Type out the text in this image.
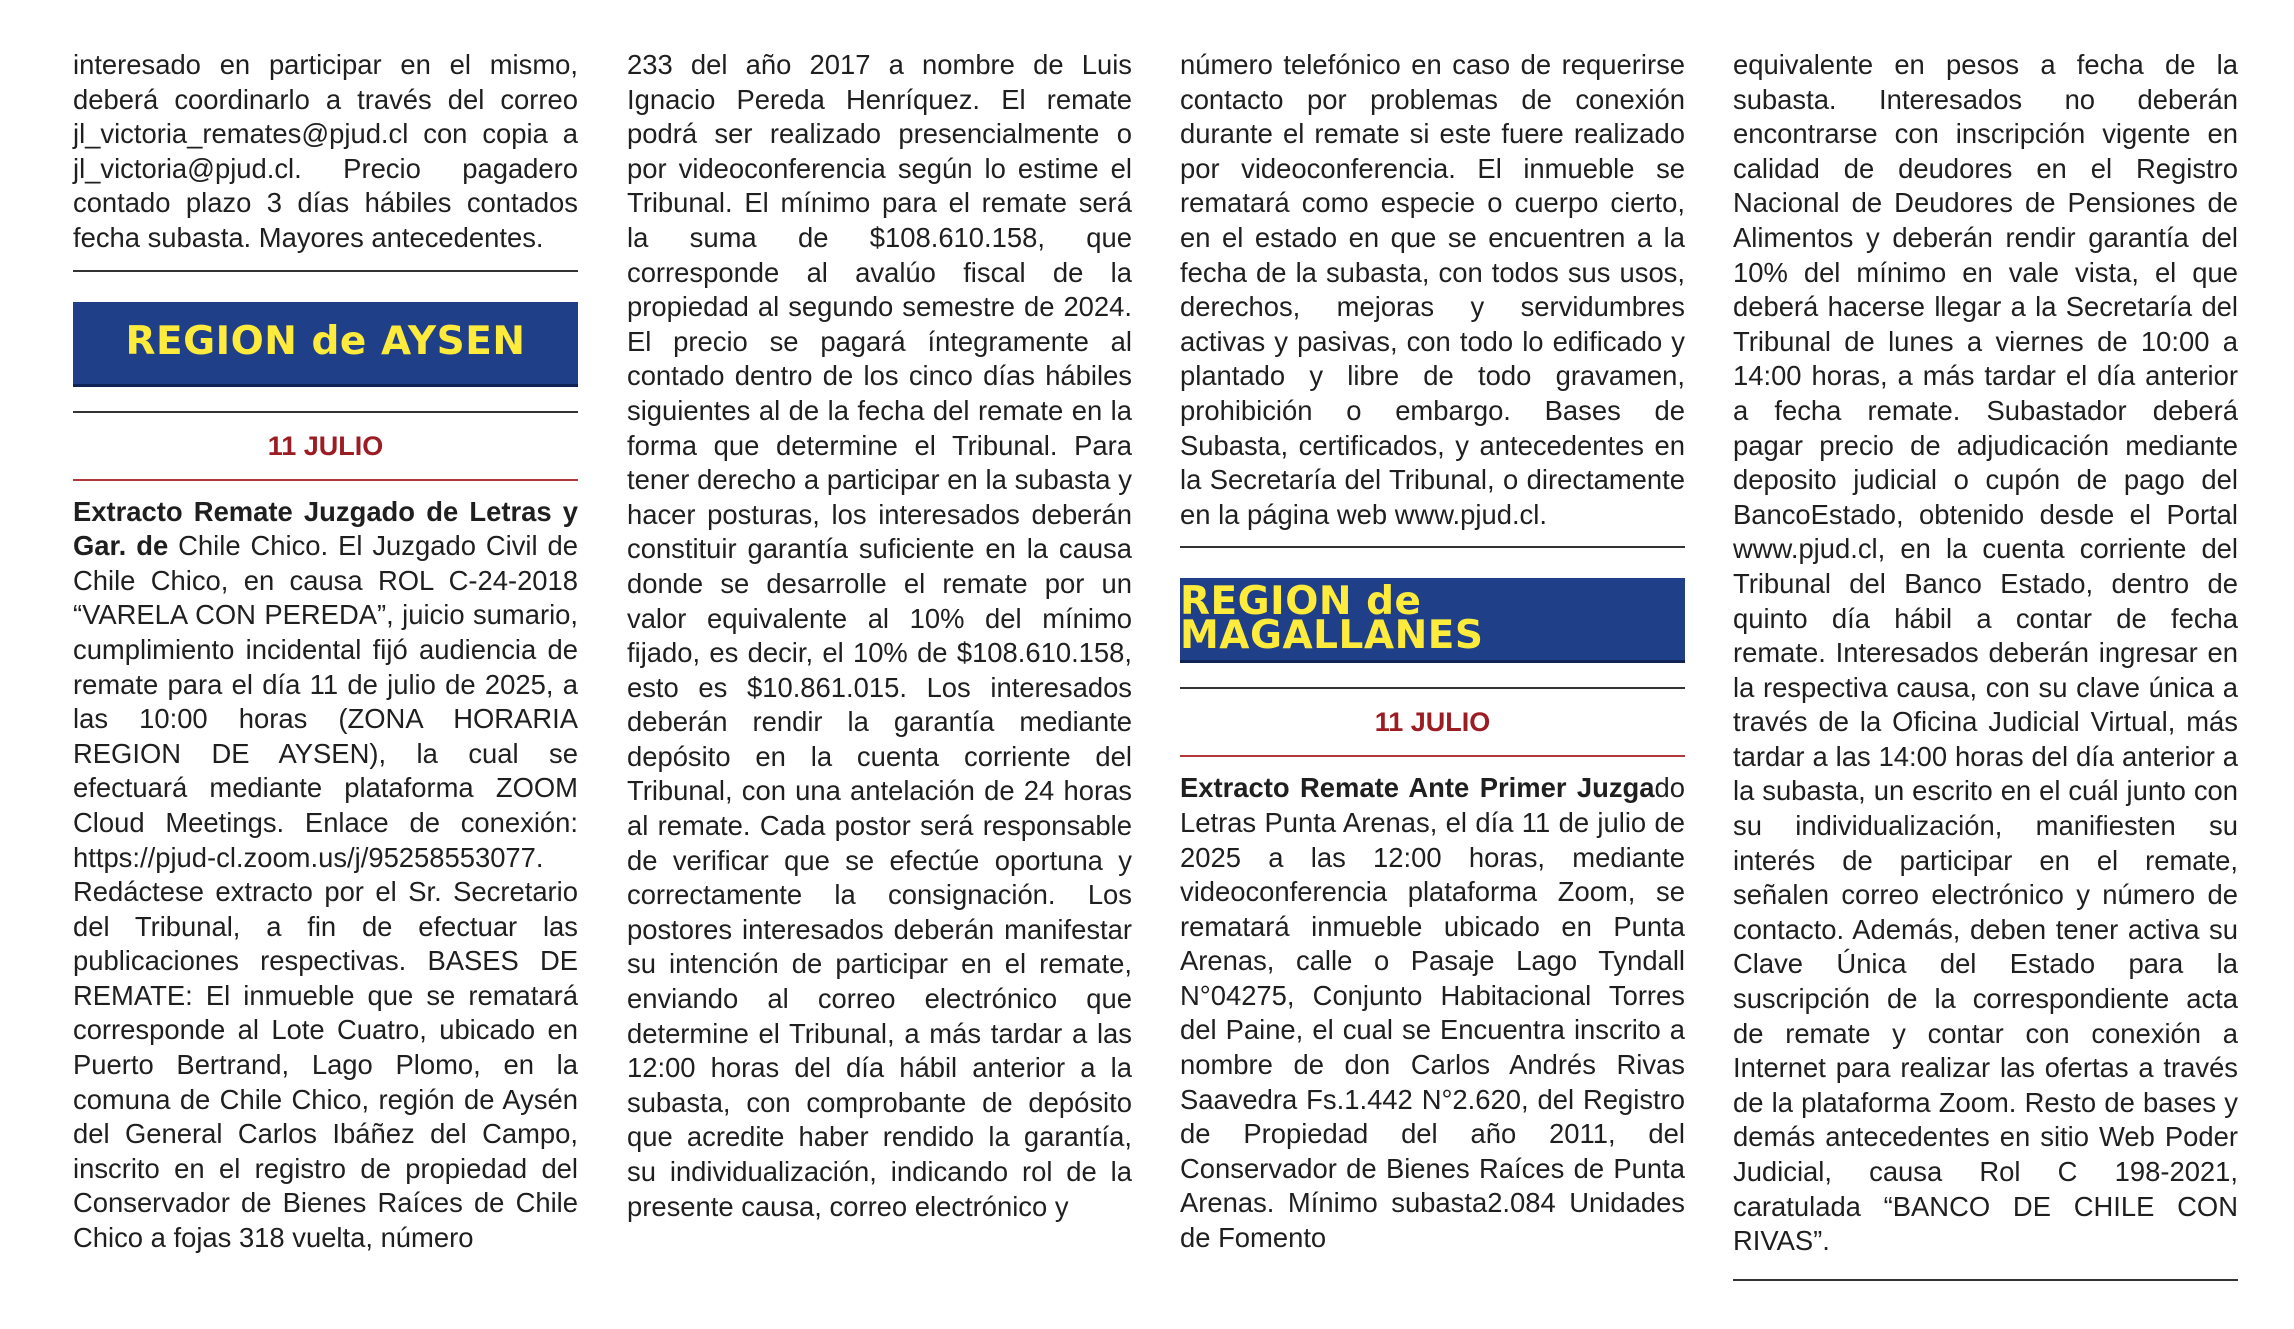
interesado en participar en el mismo, deberá coordinarlo a través del correo jl_victoria_remates@pjud.cl con copia a jl_victoria@pjud.cl. Precio pagadero contado plazo 3 días hábiles contados fecha subasta. Mayores antecedentes.

REGION de AYSEN
11 JULIO

Extracto Remate Juzgado de Letras y Gar. de Chile Chico. El Juzgado Civil de Chile Chico, en causa ROL C-24-2018 “VARELA CON PEREDA”, juicio sumario, cumplimiento incidental fijó audiencia de remate para el día 11 de julio de 2025, a las 10:00 horas (ZONA HORARIA REGION DE AYSEN), la cual se efectuará mediante plataforma ZOOM Cloud Meetings. Enlace de conexión: https://pjud-cl.zoom.us/j/95258553077. Redáctese extracto por el Sr. Secretario del Tribunal, a fin de efectuar las publicaciones respectivas. BASES DE REMATE: El inmueble que se rematará corresponde al Lote Cuatro, ubicado en Puerto Bertrand, Lago Plomo, en la comuna de Chile Chico, región de Aysén del General Carlos Ibáñez del Campo, inscrito en el registro de propiedad del Conservador de Bienes Raíces de Chile Chico a fojas 318 vuelta, número

233 del año 2017 a nombre de Luis Ignacio Pereda Henríquez. El remate podrá ser realizado presencialmente o por videoconferencia según lo estime el Tribunal. El mínimo para el remate será la suma de $108.610.158, que corresponde al avalúo fiscal de la propiedad al segundo semestre de 2024. El precio se pagará íntegramente al contado dentro de los cinco días hábiles siguientes al de la fecha del remate en la forma que determine el Tribunal. Para tener derecho a participar en la subasta y hacer posturas, los interesados deberán constituir garantía suficiente en la causa donde se desarrolle el remate por un valor equivalente al 10% del mínimo fijado, es decir, el 10% de $108.610.158, esto es $10.861.015. Los interesados deberán rendir la garantía mediante depósito en la cuenta corriente del Tribunal, con una antelación de 24 horas al remate. Cada postor será responsable de verificar que se efectúe oportuna y correctamente la consignación. Los postores interesados deberán manifestar su intención de participar en el remate, enviando al correo electrónico que determine el Tribunal, a más tardar a las 12:00 horas del día hábil anterior a la subasta, con comprobante de depósito que acredite haber rendido la garantía, su individualización, indicando rol de la presente causa, correo electrónico y

número telefónico en caso de requerirse contacto por problemas de conexión durante el remate si este fuere realizado por videoconferencia. El inmueble se rematará como especie o cuerpo cierto, en el estado en que se encuentren a la fecha de la subasta, con todos sus usos, derechos, mejoras y servidumbres activas y pasivas, con todo lo edificado y plantado y libre de todo gravamen, prohibición o embargo. Bases de Subasta, certificados, y antecedentes en la Secretaría del Tribunal, o directamente en la página web www.pjud.cl.

REGION de MAGALLANES
11 JULIO

Extracto Remate Ante Primer Juzgado Letras Punta Arenas, el día 11 de julio de 2025 a las 12:00 horas, mediante videoconferencia plataforma Zoom, se rematará inmueble ubicado en Punta Arenas, calle o Pasaje Lago Tyndall N°04275, Conjunto Habitacional Torres del Paine, el cual se Encuentra inscrito a nombre de don Carlos Andrés Rivas Saavedra Fs.1.442 N°2.620, del Registro de Propiedad del año 2011, del Conservador de Bienes Raíces de Punta Arenas. Mínimo subasta2.084 Unidades de Fomento

equivalente en pesos a fecha de la subasta. Interesados no deberán encontrarse con inscripción vigente en calidad de deudores en el Registro Nacional de Deudores de Pensiones de Alimentos y deberán rendir garantía del 10% del mínimo en vale vista, el que deberá hacerse llegar a la Secretaría del Tribunal de lunes a viernes de 10:00 a 14:00 horas, a más tardar el día anterior a fecha remate. Subastador deberá pagar precio de adjudicación mediante deposito judicial o cupón de pago del BancoEstado, obtenido desde el Portal www.pjud.cl, en la cuenta corriente del Tribunal del Banco Estado, dentro de quinto día hábil a contar de fecha remate. Interesados deberán ingresar en la respectiva causa, con su clave única a través de la Oficina Judicial Virtual, más tardar a las 14:00 horas del día anterior a la subasta, un escrito en el cuál junto con su individualización, manifiesten su interés de participar en el remate, señalen correo electrónico y número de contacto. Además, deben tener activa su Clave Única del Estado para la suscripción de la correspondiente acta de remate y contar con conexión a Internet para realizar las ofertas a través de la plataforma Zoom. Resto de bases y demás antecedentes en sitio Web Poder Judicial, causa Rol C 198-2021, caratulada “BANCO DE CHILE CON RIVAS”.
